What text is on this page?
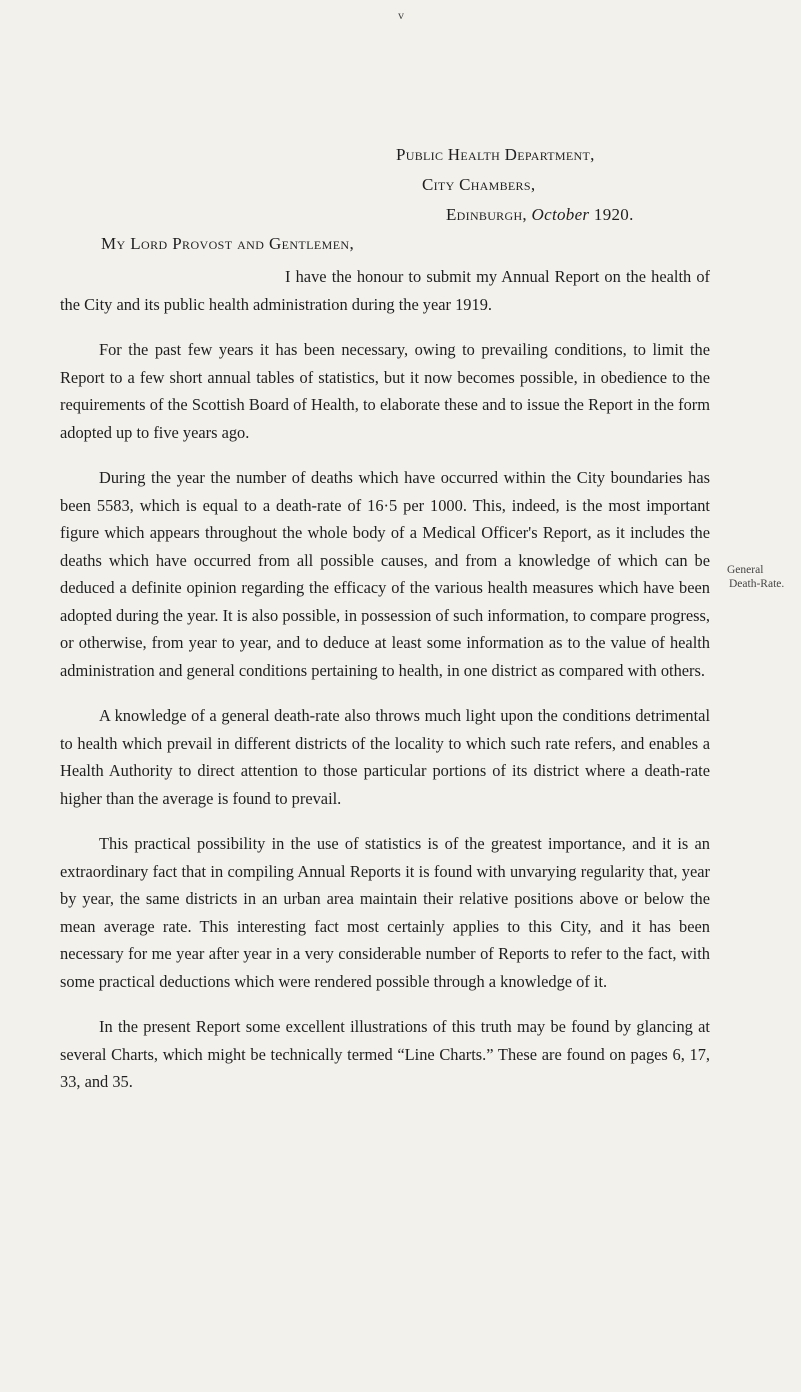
v
Public Health Department,
City Chambers,
Edinburgh, October 1920.
My Lord Provost and Gentlemen,
General
Death-Rate.

I have the honour to submit my Annual Report on the health of the City and its public health administration during the year 1919.

For the past few years it has been necessary, owing to prevailing conditions, to limit the Report to a few short annual tables of statistics, but it now becomes possible, in obedience to the requirements of the Scottish Board of Health, to elaborate these and to issue the Report in the form adopted up to five years ago.

During the year the number of deaths which have occurred within the City boundaries has been 5583, which is equal to a death-rate of 16·5 per 1000. This, indeed, is the most important figure which appears throughout the whole body of a Medical Officer's Report, as it includes the deaths which have occurred from all possible causes, and from a knowledge of which can be deduced a definite opinion regarding the efficacy of the various health measures which have been adopted during the year. It is also possible, in possession of such information, to compare progress, or otherwise, from year to year, and to deduce at least some information as to the value of health administration and general conditions pertaining to health, in one district as compared with others.

A knowledge of a general death-rate also throws much light upon the conditions detrimental to health which prevail in different districts of the locality to which such rate refers, and enables a Health Authority to direct attention to those particular portions of its district where a death-rate higher than the average is found to prevail.

This practical possibility in the use of statistics is of the greatest importance, and it is an extraordinary fact that in compiling Annual Reports it is found with unvarying regularity that, year by year, the same districts in an urban area maintain their relative positions above or below the mean average rate. This interesting fact most certainly applies to this City, and it has been necessary for me year after year in a very considerable number of Reports to refer to the fact, with some practical deductions which were rendered possible through a knowledge of it.

In the present Report some excellent illustrations of this truth may be found by glancing at several Charts, which might be technically termed “Line Charts.” These are found on pages 6, 17, 33, and 35.
